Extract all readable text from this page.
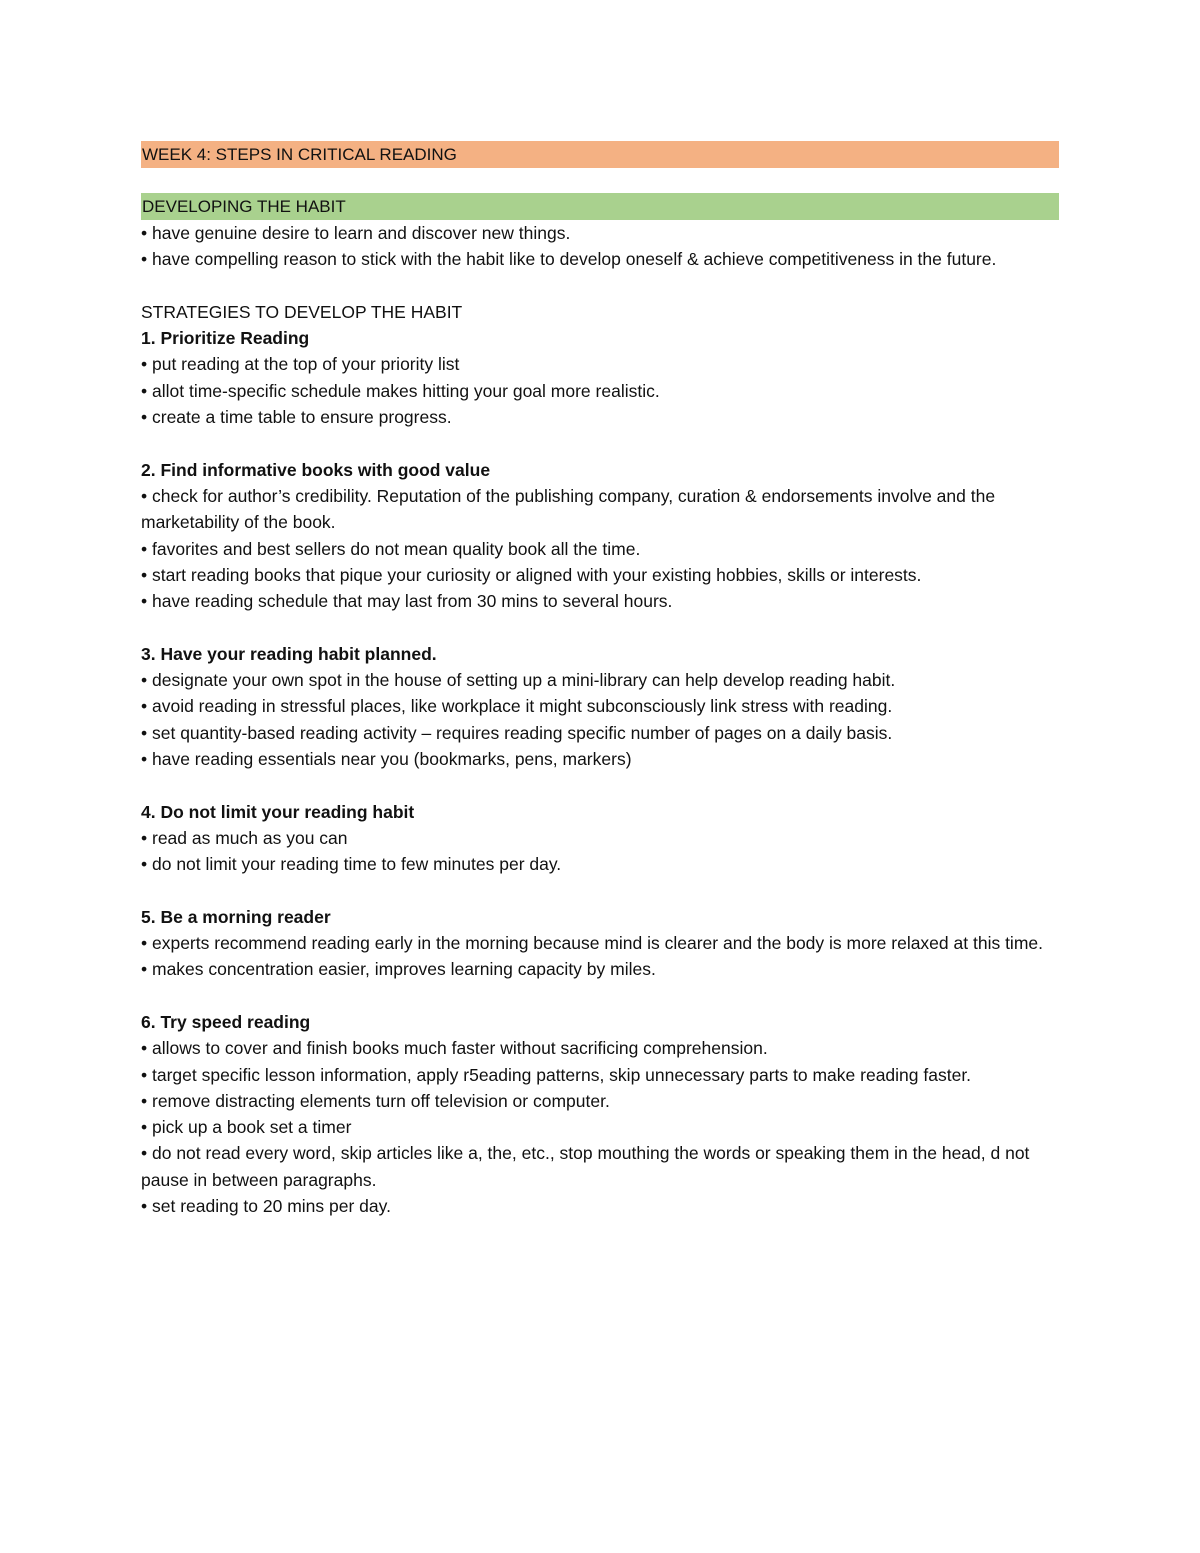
WEEK 4: STEPS IN CRITICAL READING
DEVELOPING THE HABIT
• have genuine desire to learn and discover new things.
• have compelling reason to stick with the habit like to develop oneself & achieve competitiveness in the future.
STRATEGIES TO DEVELOP THE HABIT
1. Prioritize Reading
• put reading at the top of your priority list
• allot time-specific schedule makes hitting your goal more realistic.
• create a time table to ensure progress.
2. Find informative books with good value
• check for author’s credibility. Reputation of the publishing company, curation & endorsements involve and the marketability of the book.
• favorites and best sellers do not mean quality book all the time.
• start reading books that pique your curiosity or aligned with your existing hobbies, skills or interests.
• have reading schedule that may last from 30 mins to several hours.
3. Have your reading habit planned.
• designate your own spot in the house of setting up a mini-library can help develop reading habit.
• avoid reading in stressful places, like workplace it might subconsciously link stress with reading.
• set quantity-based reading activity – requires reading specific number of pages on a daily basis.
• have reading essentials near you (bookmarks, pens, markers)
4. Do not limit your reading habit
• read as much as you can
• do not limit your reading time to few minutes per day.
5. Be a morning reader
• experts recommend reading early in the morning because mind is clearer and the body is more relaxed at this time.
• makes concentration easier, improves learning capacity by miles.
6. Try speed reading
• allows to cover and finish books much faster without sacrificing comprehension.
• target specific lesson information, apply r5eading patterns, skip unnecessary parts to make reading faster.
• remove distracting elements turn off television or computer.
• pick up a book set a timer
• do not read every word, skip articles like a, the, etc., stop mouthing the words or speaking them in the head, d not pause in between paragraphs.
• set reading to 20 mins per day.
